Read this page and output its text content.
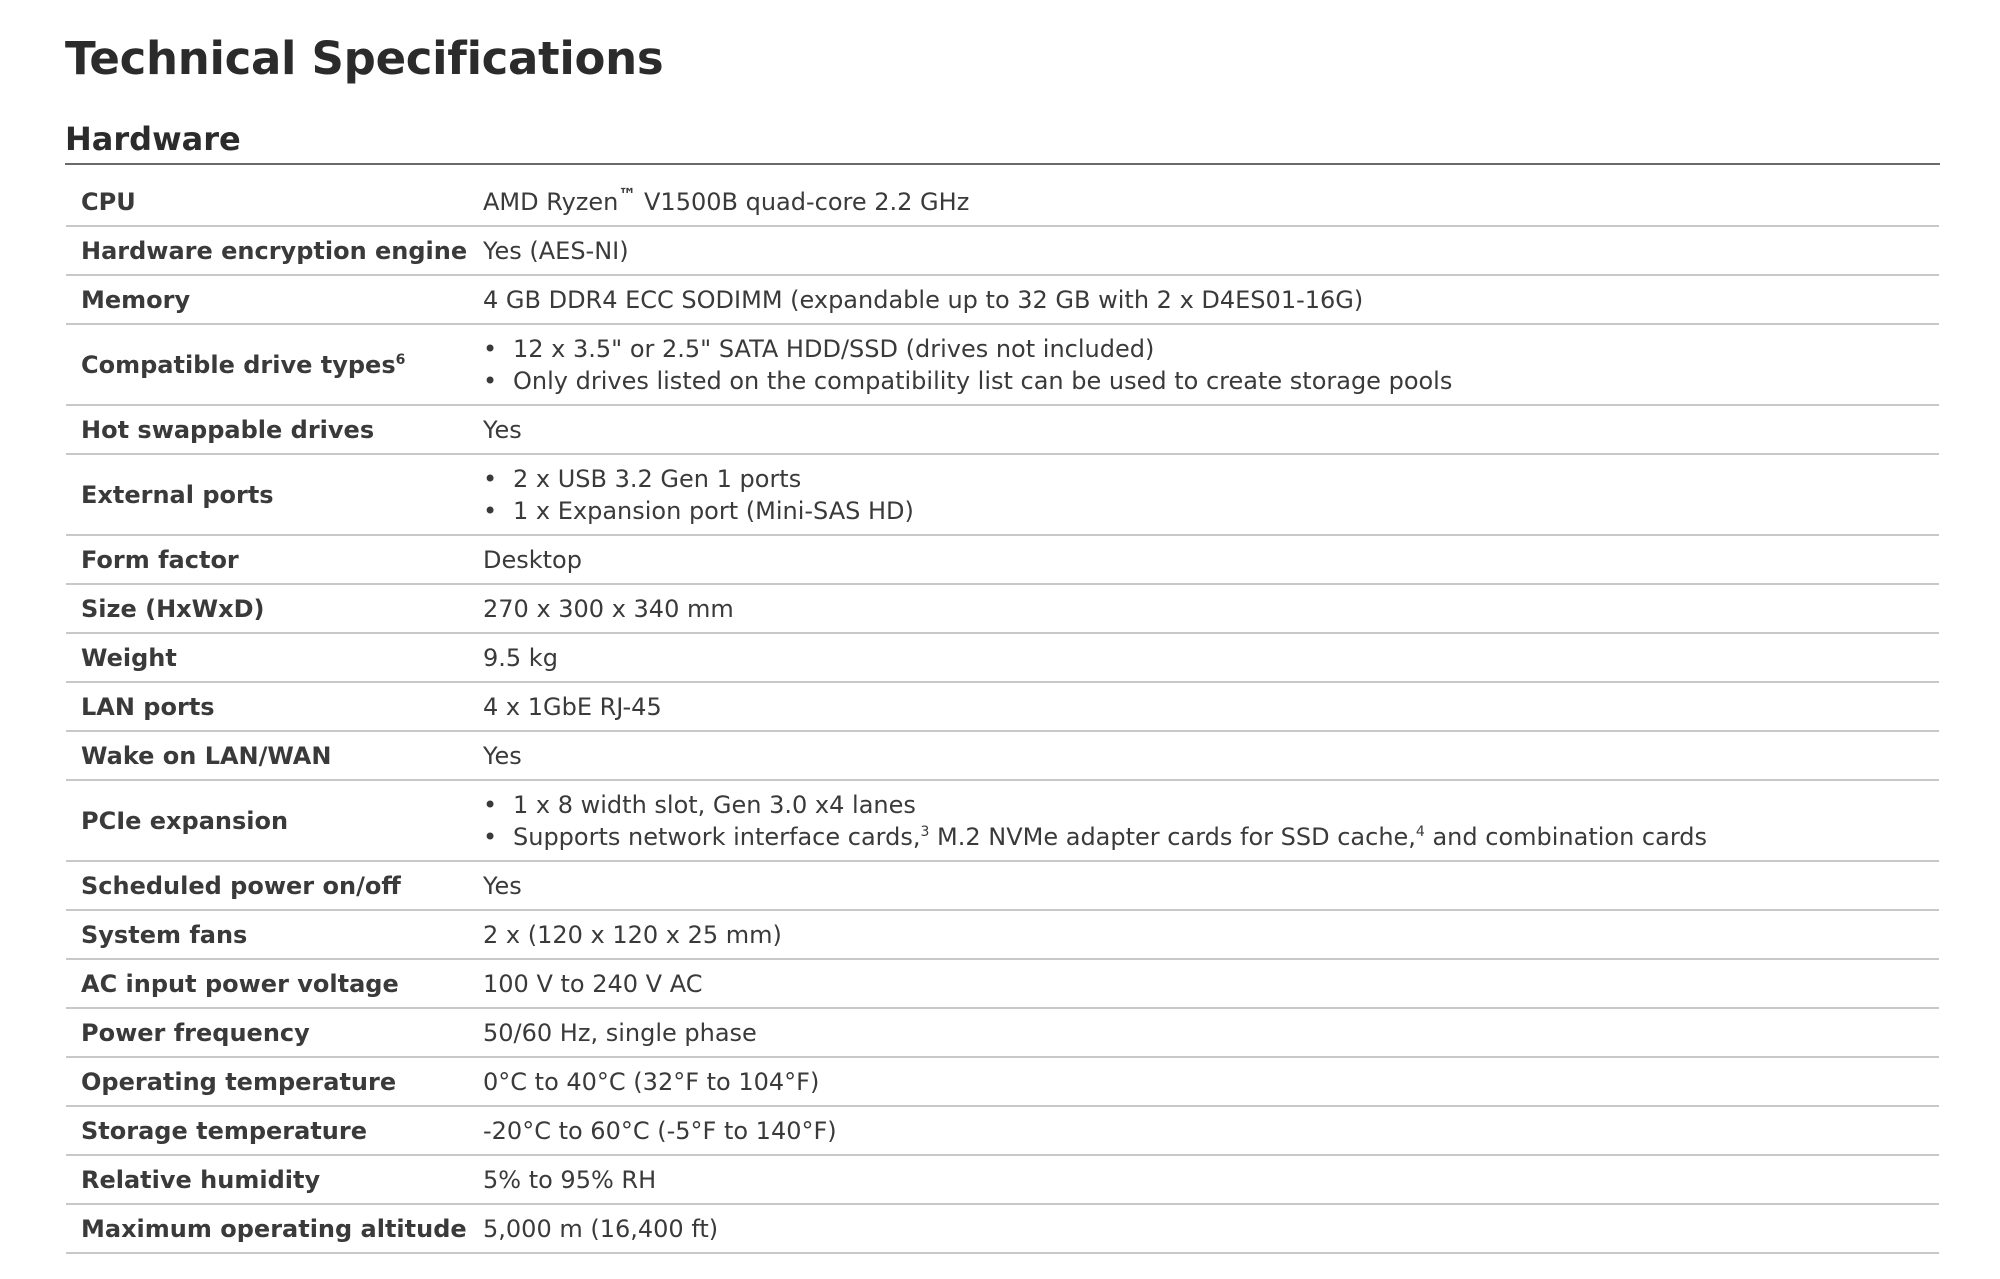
Technical Specifications
Hardware
CPU	AMD Ryzen™ V1500B quad-core 2.2 GHz
Hardware encryption engine Yes (AES-NI)
Memory	4 GB DDR4 ECC SODIMM (expandable up to 32 GB with 2 x D4ES01-16G)
Compatible drive types$^6$
•	12 x 3.5" or 2.5" SATA HDD/SSD (drives not included)
• Only drives listed on the compatibility list can be used to create storage pools
Hot swappable drives	Yes
External ports
• 2 x USB 3.2 Gen 1 ports
• 1 x Expansion port (Mini-SAS HD)
Form factor	Desktop
Size (HxWxD)	270 x 300 x 340 mm
Weight	9.5 kg
LAN ports	4 x 1GbE RJ-45
Wake on LAN/WAN	Yes
PCIe expansion
• 1 x 8 width slot, Gen 3.0 x4 lanes
• Supports network interface cards,$^3$ M.2 NVMe adapter cards for SSD cache,$^4$ and combination cards
Scheduled power on/off	Yes
System fans	2 x (120 x 120 x 25 mm)
AC input power voltage	100 V to 240 V AC
Power frequency	50/60 Hz, single phase
Operating temperature	0°C to 40°C (32°F to 104°F)
Storage temperature	-20°C to 60°C (-5°F to 140°F)
Relative humidity	5% to 95% RH
Maximum operating altitude 5,000 m (16,400 ft)
